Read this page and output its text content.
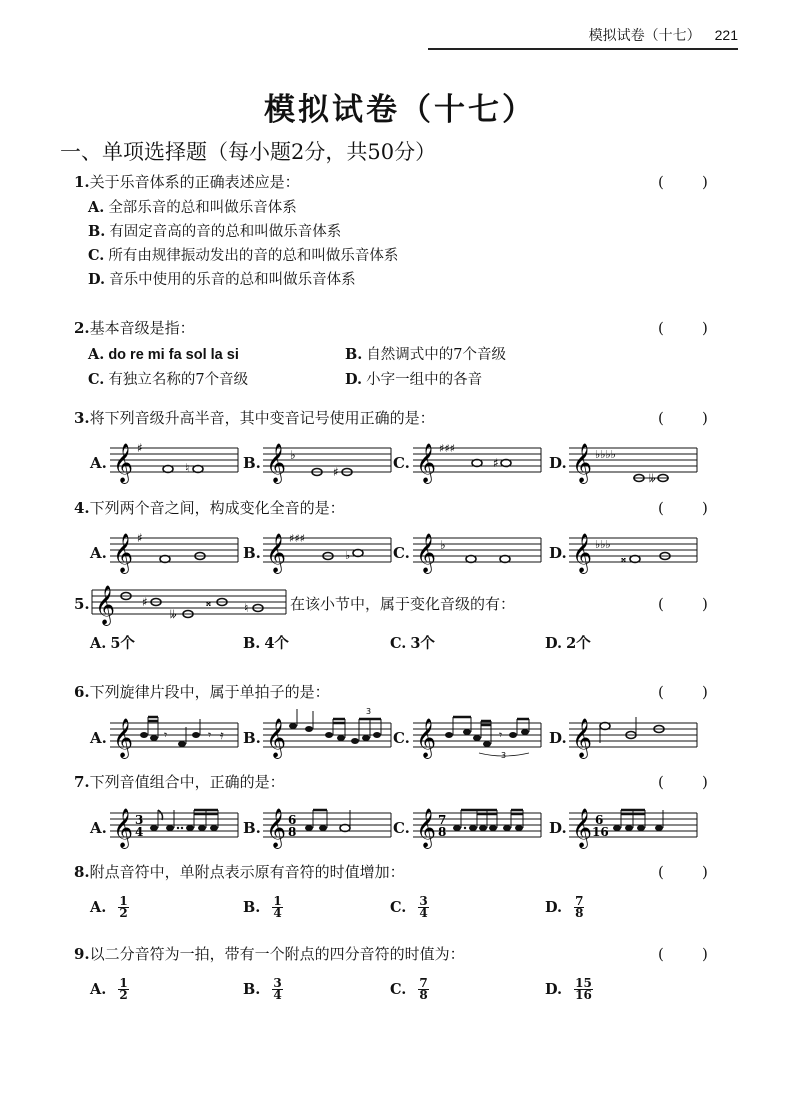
模拟试卷（十七） 221
模拟试卷（十七）
一、单项选择题（每小题2分，共50分）
1.关于乐音体系的正确表述应是：	(        )
A. 全部乐音的总和叫做乐音体系
B. 有固定音高的音的总和叫做乐音体系
C. 所有由规律振动发出的音的总和叫做乐音体系
D. 音乐中使用的乐音的总和叫做乐音体系
2.基本音级是指：	(        )
A. do re mi fa sol la si	B. 自然调式中的7个音级
C. 有独立名称的7个音级	D. 小字一组中的各音
3.将下列音级升高半音，其中变音记号使用正确的是：	(        )
A. 𝄞 ♯
♮	B. 𝄞 ♭
♯	C. 𝄞 ♯♯♯
♯	D. 𝄞 ♭♭♭♭
𝄫
4.下列两个音之间，构成变化全音的是：	(        )
A. 𝄞 ♯
B. 𝄞 ♯♯♯
♭	C. 𝄞 ♭	D. 𝄞 ♭♭♭
𝄪
5. 𝄞 ♯
𝄫
𝄪	♮	在该小节中，属于变化音级的有：	(        )
A. 5个	B. 4个	C. 3个	D. 2个
6.下列旋律片段中，属于单拍子的是：	(        )
A. 𝄞	𝄾	𝄾 𝄿 B. 𝄞
3
C. 𝄞	𝄾
3
D. 𝄞
7.下列音值组合中，正确的是：	(        )
A. 𝄞 3
4	B. 𝄞 6
8	C. 𝄞 7
8	D. 𝄞 6
16
8.附点音符中，单附点表示原有音符的时值增加：	(        )
A. $\frac{1}{2}$	B. $\frac{1}{4}$	C. $\frac{3}{4}$	D. $\frac{7}{8}$
9.以二分音符为一拍，带有一个附点的四分音符的时值为：	(        )
A. $\frac{1}{2}$	B. $\frac{3}{4}$	C. $\frac{7}{8}$	D. $\frac{15}{16}$
